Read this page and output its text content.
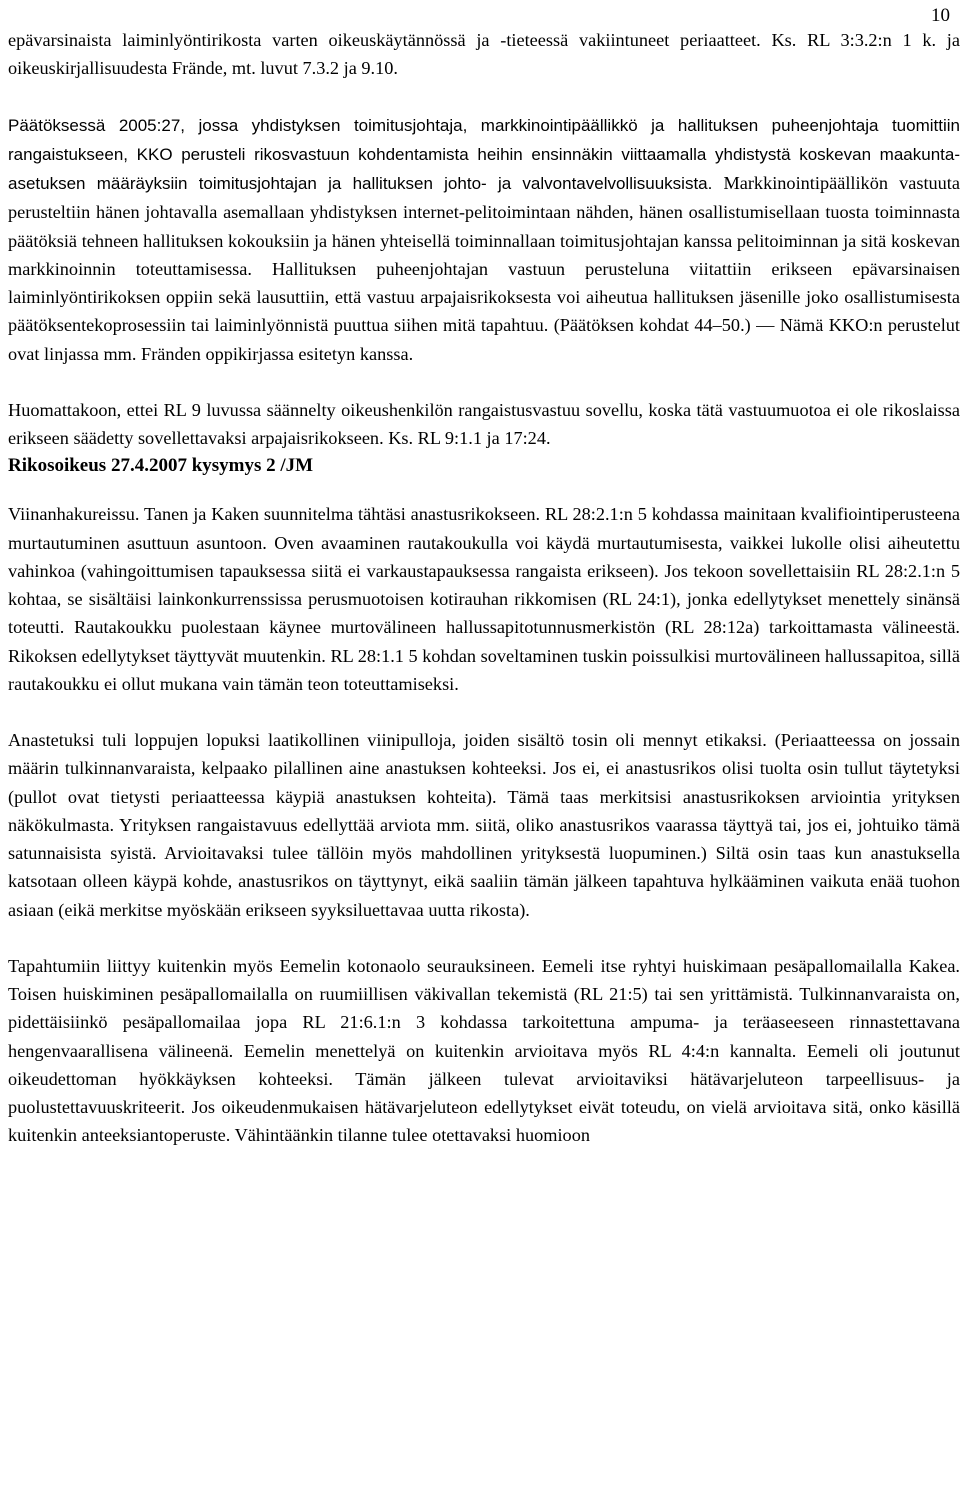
10

epävarsinaista laiminlyöntirikosta varten oikeuskäytännössä ja -tieteessä vakiintuneet periaatteet. Ks. RL 3:3.2:n 1 k. ja oikeuskirjallisuudesta Frände, mt. luvut 7.3.2 ja 9.10.

Päätöksessä 2005:27, jossa yhdistyksen toimitusjohtaja, markkinointipäällikkö ja hallituksen puheenjohtaja tuomittiin rangaistukseen, KKO perusteli rikosvastuun kohdentamista heihin ensinnäkin viittaamalla yhdistystä koskevan maakunta-asetuksen määräyksiin toimitusjohtajan ja hallituksen johto- ja valvontavelvollisuuksista. Markkinointipäällikön vastuuta perusteltiin hänen johtavalla asemallaan yhdistyksen internet-pelitoimintaan nähden, hänen osallistumisellaan tuosta toiminnasta päätöksiä tehneen hallituksen kokouksiin ja hänen yhteisellä toiminnallaan toimitusjohtajan kanssa pelitoiminnan ja sitä koskevan markkinoinnin toteuttamisessa. Hallituksen puheenjohtajan vastuun perusteluna viitattiin erikseen epävarsinaisen laiminlyöntirikoksen oppiin sekä lausuttiin, että vastuu arpajaisrikoksesta voi aiheutua hallituksen jäsenille joko osallistumisesta päätöksentekoprosessiin tai laiminlyönnistä puuttua siihen mitä tapahtuu. (Päätöksen kohdat 44–50.) — Nämä KKO:n perustelut ovat linjassa mm. Fränden oppikirjassa esitetyn kanssa.

Huomattakoon, ettei RL 9 luvussa säännelty oikeushenkilön rangaistusvastuu sovellu, koska tätä vastuumuotoa ei ole rikoslaissa erikseen säädetty sovellettavaksi arpajaisrikokseen. Ks. RL 9:1.1 ja 17:24.

Rikosoikeus 27.4.2007 kysymys 2 /JM

Viinanhakureissu. Tanen ja Kaken suunnitelma tähtäsi anastusrikokseen. RL 28:2.1:n 5 kohdassa mainitaan kvalifiointiperusteena murtautuminen asuttuun asuntoon. Oven avaaminen rautakoukulla voi käydä murtautumisesta, vaikkei lukolle olisi aiheutettu vahinkoa (vahingoittumisen tapauksessa siitä ei varkaustapauksessa rangaista erikseen). Jos tekoon sovellettaisiin RL 28:2.1:n 5 kohtaa, se sisältäisi lainkonkurrenssissa perusmuotoisen kotirauhan rikkomisen (RL 24:1), jonka edellytykset menettely sinänsä toteutti. Rautakoukku puolestaan käynee murtovälineen hallussapitotunnusmerkistön (RL 28:12a) tarkoittamasta välineestä. Rikoksen edellytykset täyttyvät muutenkin. RL 28:1.1 5 kohdan soveltaminen tuskin poissulkisi murtovälineen hallussapitoa, sillä rautakoukku ei ollut mukana vain tämän teon toteuttamiseksi.

Anastetuksi tuli loppujen lopuksi laatikollinen viinipulloja, joiden sisältö tosin oli mennyt etikaksi. (Periaatteessa on jossain määrin tulkinnanvaraista, kelpaako pilallinen aine anastuksen kohteeksi. Jos ei, ei anastusrikos olisi tuolta osin tullut täytetyksi (pullot ovat tietysti periaatteessa käypiä anastuksen kohteita). Tämä taas merkitsisi anastusrikoksen arviointia yrityksen näkökulmasta. Yrityksen rangaistavuus edellyttää arviota mm. siitä, oliko anastusrikos vaarassa täyttyä tai, jos ei, johtuiko tämä satunnaisista syistä. Arvioitavaksi tulee tällöin myös mahdollinen yrityksestä luopuminen.) Siltä osin taas kun anastuksella katsotaan olleen käypä kohde, anastusrikos on täyttynyt, eikä saaliin tämän jälkeen tapahtuva hylkääminen vaikuta enää tuohon asiaan (eikä merkitse myöskään erikseen syyksiluettavaa uutta rikosta).

Tapahtumiin liittyy kuitenkin myös Eemelin kotonaolo seurauksineen. Eemeli itse ryhtyi huiskimaan pesäpallomailalla Kakea. Toisen huiskiminen pesäpallomailalla on ruumiillisen väkivallan tekemistä (RL 21:5) tai sen yrittämistä. Tulkinnanvaraista on, pidettäisiinkö pesäpallomailaa jopa RL 21:6.1:n 3 kohdassa tarkoitettuna ampuma- ja teräaseeseen rinnastettavana hengenvaarallisena välineenä. Eemelin menettelyä on kuitenkin arvioitava myös RL 4:4:n kannalta. Eemeli oli joutunut oikeudettoman hyökkäyksen kohteeksi. Tämän jälkeen tulevat arvioitaviksi hätävarjeluteon tarpeellisuus- ja puolustettavuuskriteerit. Jos oikeudenmukaisen hätävarjeluteon edellytykset eivät toteudu, on vielä arvioitava sitä, onko käsillä kuitenkin anteeksiantoperuste. Vähintäänkin tilanne tulee otettavaksi huomioon
